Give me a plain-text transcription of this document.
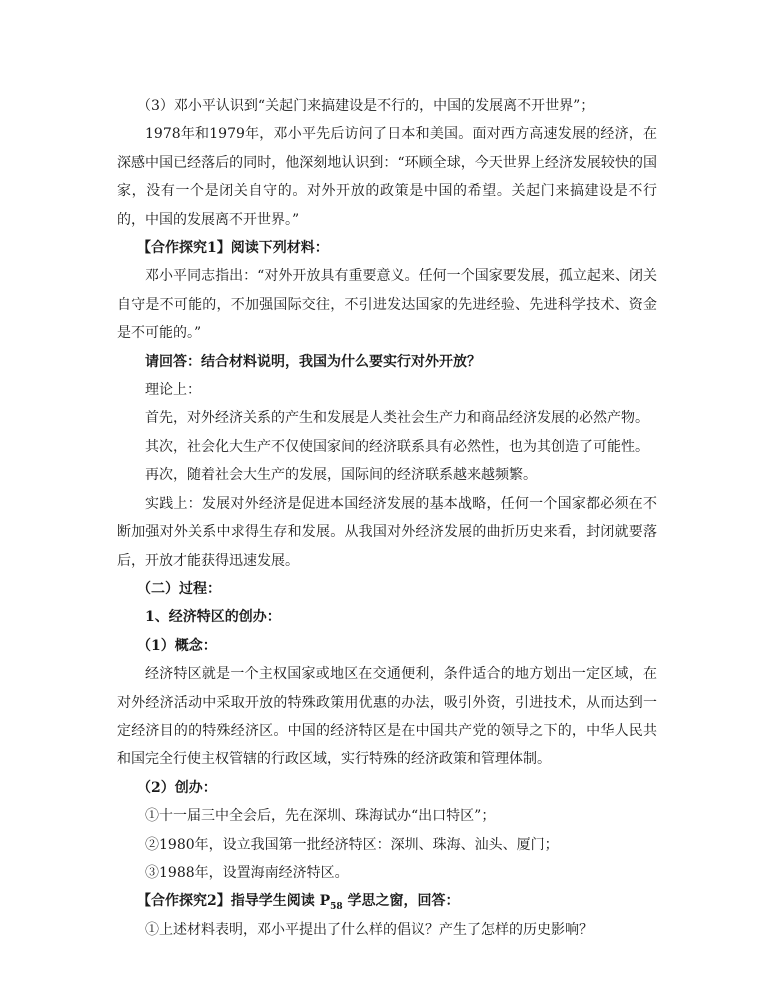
（3）邓小平认识到“关起门来搞建设是不行的，中国的发展离不开世界”；

1978年和1979年，邓小平先后访问了日本和美国。面对西方高速发展的经济，在深感中国已经落后的同时，他深刻地认识到：“环顾全球，今天世界上经济发展较快的国家，没有一个是闭关自守的。对外开放的政策是中国的希望。关起门来搞建设是不行的，中国的发展离不开世界。”

【合作探究1】阅读下列材料：

邓小平同志指出：“对外开放具有重要意义。任何一个国家要发展，孤立起来、闭关自守是不可能的，不加强国际交往，不引进发达国家的先进经验、先进科学技术、资金是不可能的。”

请回答：结合材料说明，我国为什么要实行对外开放？

理论上：

首先，对外经济关系的产生和发展是人类社会生产力和商品经济发展的必然产物。

其次，社会化大生产不仅使国家间的经济联系具有必然性，也为其创造了可能性。

再次，随着社会大生产的发展，国际间的经济联系越来越频繁。

实践上：发展对外经济是促进本国经济发展的基本战略，任何一个国家都必须在不断加强对外关系中求得生存和发展。从我国对外经济发展的曲折历史来看，封闭就要落后，开放才能获得迅速发展。

（二）过程：

1、经济特区的创办：

（1）概念：

经济特区就是一个主权国家或地区在交通便利，条件适合的地方划出一定区域，在对外经济活动中采取开放的特殊政策用优惠的办法，吸引外资，引进技术，从而达到一定经济目的的特殊经济区。中国的经济特区是在中国共产党的领导之下的，中华人民共和国完全行使主权管辖的行政区域，实行特殊的经济政策和管理体制。

（2）创办：

①十一届三中全会后，先在深圳、珠海试办“出口特区”；

②1980年，设立我国第一批经济特区：深圳、珠海、汕头、厦门；

③1988年，设置海南经济特区。

【合作探究2】指导学生阅读 $P_{58}$ 学思之窗，回答：

①上述材料表明，邓小平提出了什么样的倡议？产生了怎样的历史影响？
